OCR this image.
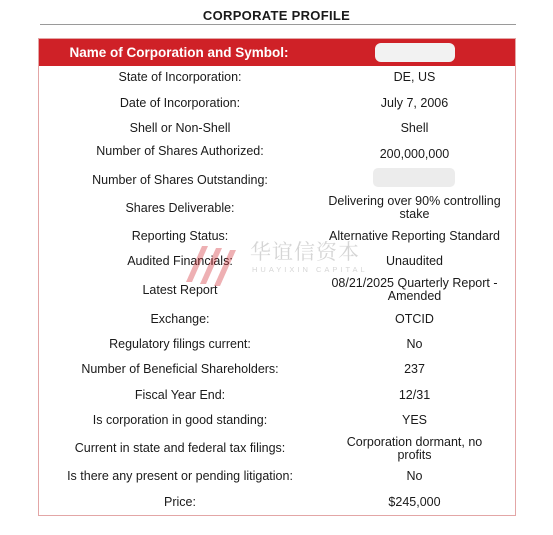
CORPORATE PROFILE
Name of Corporation and Symbol:
State of Incorporation:	DE, US
Date of Incorporation:	July 7, 2006
Shell or Non-Shell	Shell
Number of Shares Authorized:	200,000,000
Number of Shares Outstanding:
Shares Deliverable:	Delivering over 90% controlling
stake
Reporting Status:	Alternative Reporting Standard
Audited Financials:	Unaudited
Latest Report	08/21/2025 Quarterly Report -
Amended
Exchange:	OTCID
Regulatory filings current:	No
Number of Beneficial Shareholders:	237
Fiscal Year End:	12/31
Is corporation in good standing:	YES
Current in state and federal tax filings:	Corporation dormant, no
profits
Is there any present or pending litigation:	No
Price:	$245,000
华谊信资本
HUAYIXIN CAPITAL
